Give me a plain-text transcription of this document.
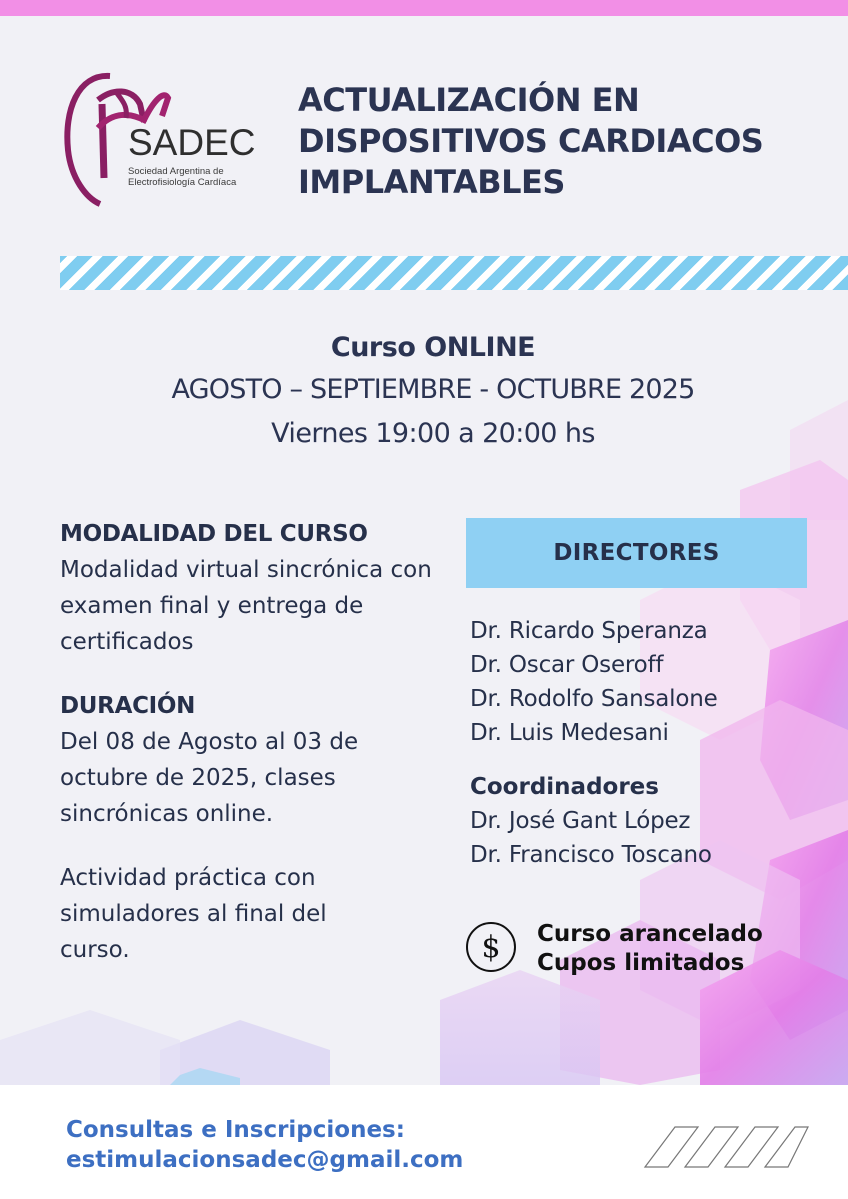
SADEC
Sociedad Argentina de Electrofisiología Cardíaca
ACTUALIZACIÓN EN
DISPOSITIVOS CARDIACOS
IMPLANTABLES
Curso ONLINE
AGOSTO – SEPTIEMBRE - OCTUBRE 2025
Viernes 19:00 a 20:00 hs
MODALIDAD DEL CURSO

Modalidad virtual sincrónica con examen final y entrega de certificados

DURACIÓN

Del 08 de Agosto al 03 de octubre de 2025, clases sincrónicas online.

Actividad práctica con simuladores al final del curso.

DIRECTORES
Dr. Ricardo Speranza
Dr. Oscar Oseroff
Dr. Rodolfo Sansalone
Dr. Luis Medesani
Coordinadores
Dr. José Gant López
Dr. Francisco Toscano
$	Curso arancelado
Cupos limitados
Consultas e Inscripciones:
estimulacionsadec@gmail.com
